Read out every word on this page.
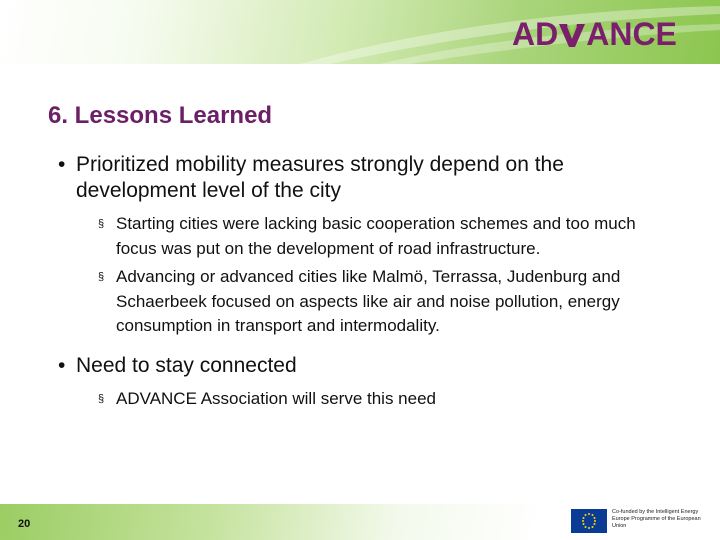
AD ANCE
6. Lessons Learned
• Prioritized mobility measures strongly depend on the development level of the city
§ Starting cities were lacking basic cooperation schemes and too much focus was put on the development of road infrastructure.
§ Advancing or advanced cities like Malmö, Terrassa, Judenburg and Schaerbeek focused on aspects like air and noise pollution, energy consumption in transport and intermodality.
• Need to stay connected
§ ADVANCE Association will serve this need
20
Co-funded by the Intelligent Energy Europe Programme of the European Union
